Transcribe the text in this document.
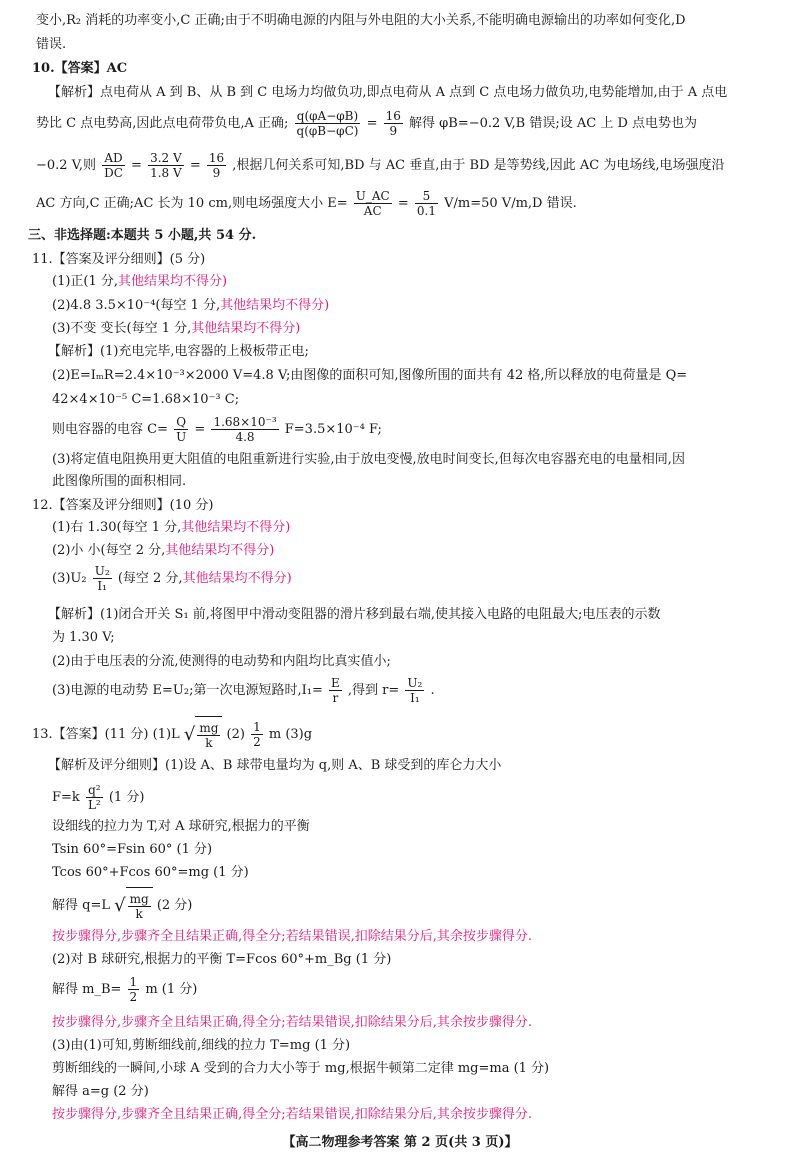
变小,R₂ 消耗的功率变小,C 正确;由于不明确电源的内阻与外电阻的大小关系,不能明确电源输出的功率如何变化,D
错误.
10.【答案】AC
【解析】点电荷从 A 到 B、从 B 到 C 电场力均做负功,即点电荷从 A 点到 C 点电场力做负功,电势能增加,由于 A 点电
势比 C 点电势高,因此点电荷带负电,A 正确; $\frac{q(\varphi A-\varphi B)}{q(\varphi B-\varphi C)} = \frac{16}{9}$ 解得 φB=−0.2 V,B 错误;设 AC 上 D 点电势也为
−0.2 V,则 $\frac{AD}{DC} = \frac{3.2 V}{1.8 V} = \frac{16}{9}$ ,根据几何关系可知,BD 与 AC 垂直,由于 BD 是等势线,因此 AC 为电场线,电场强度沿
AC 方向,C 正确;AC 长为 10 cm,则电场强度大小 $E= \frac{U\_AC}{AC} = \frac{5}{0.1} V/m=50$ V/m,D 错误.
三、非选择题:本题共 5 小题,共 54 分.
11.【答案及评分细则】(5 分)
(1)正(1 分,其他结果均不得分)
(2)4.8 3.5×10⁻⁴(每空 1 分,其他结果均不得分)
(3)不变 变长(每空 1 分,其他结果均不得分)
【解析】(1)充电完毕,电容器的上极板带正电;
(2)E=IₘR=2.4×10⁻³×2000 V=4.8 V;由图像的面积可知,图像所围的面共有 42 格,所以释放的电荷量是 Q=
42×4×10⁻⁵ C=1.68×10⁻³ C;
则电容器的电容 $C= \frac{Q}{U} = \frac{\text{1.68×10⁻³}}{4.8} F=3.5\times 10^{-4}$ F;
(3)将定值电阻换用更大阻值的电阻重新进行实验,由于放电变慢,放电时间变长,但每次电容器充电的电量相同,因
此图像所围的面积相同.
12.【答案及评分细则】(10 分)
(1)右 1.30(每空 1 分,其他结果均不得分)
(2)小 小(每空 2 分,其他结果均不得分)
$(3)U_2 \frac{\text{U₂}}{\text{I₁}}$ (每空 2 分,其他结果均不得分)
【解析】(1)闭合开关 S₁ 前,将图甲中滑动变阻器的滑片移到最右端,使其接入电路的电阻最大;电压表的示数
为 1.30 V;
(2)由于电压表的分流,使测得的电动势和内阻均比真实值小;
(3)电源的电动势 E=U₂;第一次电源短路时$,I_1= \frac{E}{r}$ ,得到 $r= \frac{\text{U₂}}{\text{I₁}}$ .
13.【答案】(11 分) (1)L √ $\frac{mg}{k} (2) \frac{1}{2}$ m (3)g
【解析及评分细则】(1)设 A、B 球带电量均为 q,则 A、B 球受到的库仑力大小
$F=k \frac{\text{q²}}{\text{L²}} (1$ 分)
设细线的拉力为 T,对 A 球研究,根据力的平衡
Tsin 60°=Fsin 60° (1 分)
Tcos 60°+Fcos 60°=mg (1 分)
解得 q=L √ $\frac{mg}{k} (2$ 分)
按步骤得分,步骤齐全且结果正确,得全分;若结果错误,扣除结果分后,其余按步骤得分.
(2)对 B 球研究,根据力的平衡 T=Fcos 60°+m_Bg (1 分)
解得 m_B= $\frac{1}{2}$ m (1 分)
按步骤得分,步骤齐全且结果正确,得全分;若结果错误,扣除结果分后,其余按步骤得分.
(3)由(1)可知,剪断细线前,细线的拉力 T=mg (1 分)
剪断细线的一瞬间,小球 A 受到的合力大小等于 mg,根据牛顿第二定律 mg=ma (1 分)
解得 a=g (2 分)
按步骤得分,步骤齐全且结果正确,得全分;若结果错误,扣除结果分后,其余按步骤得分.
【高二物理参考答案 第 2 页(共 3 页)】
